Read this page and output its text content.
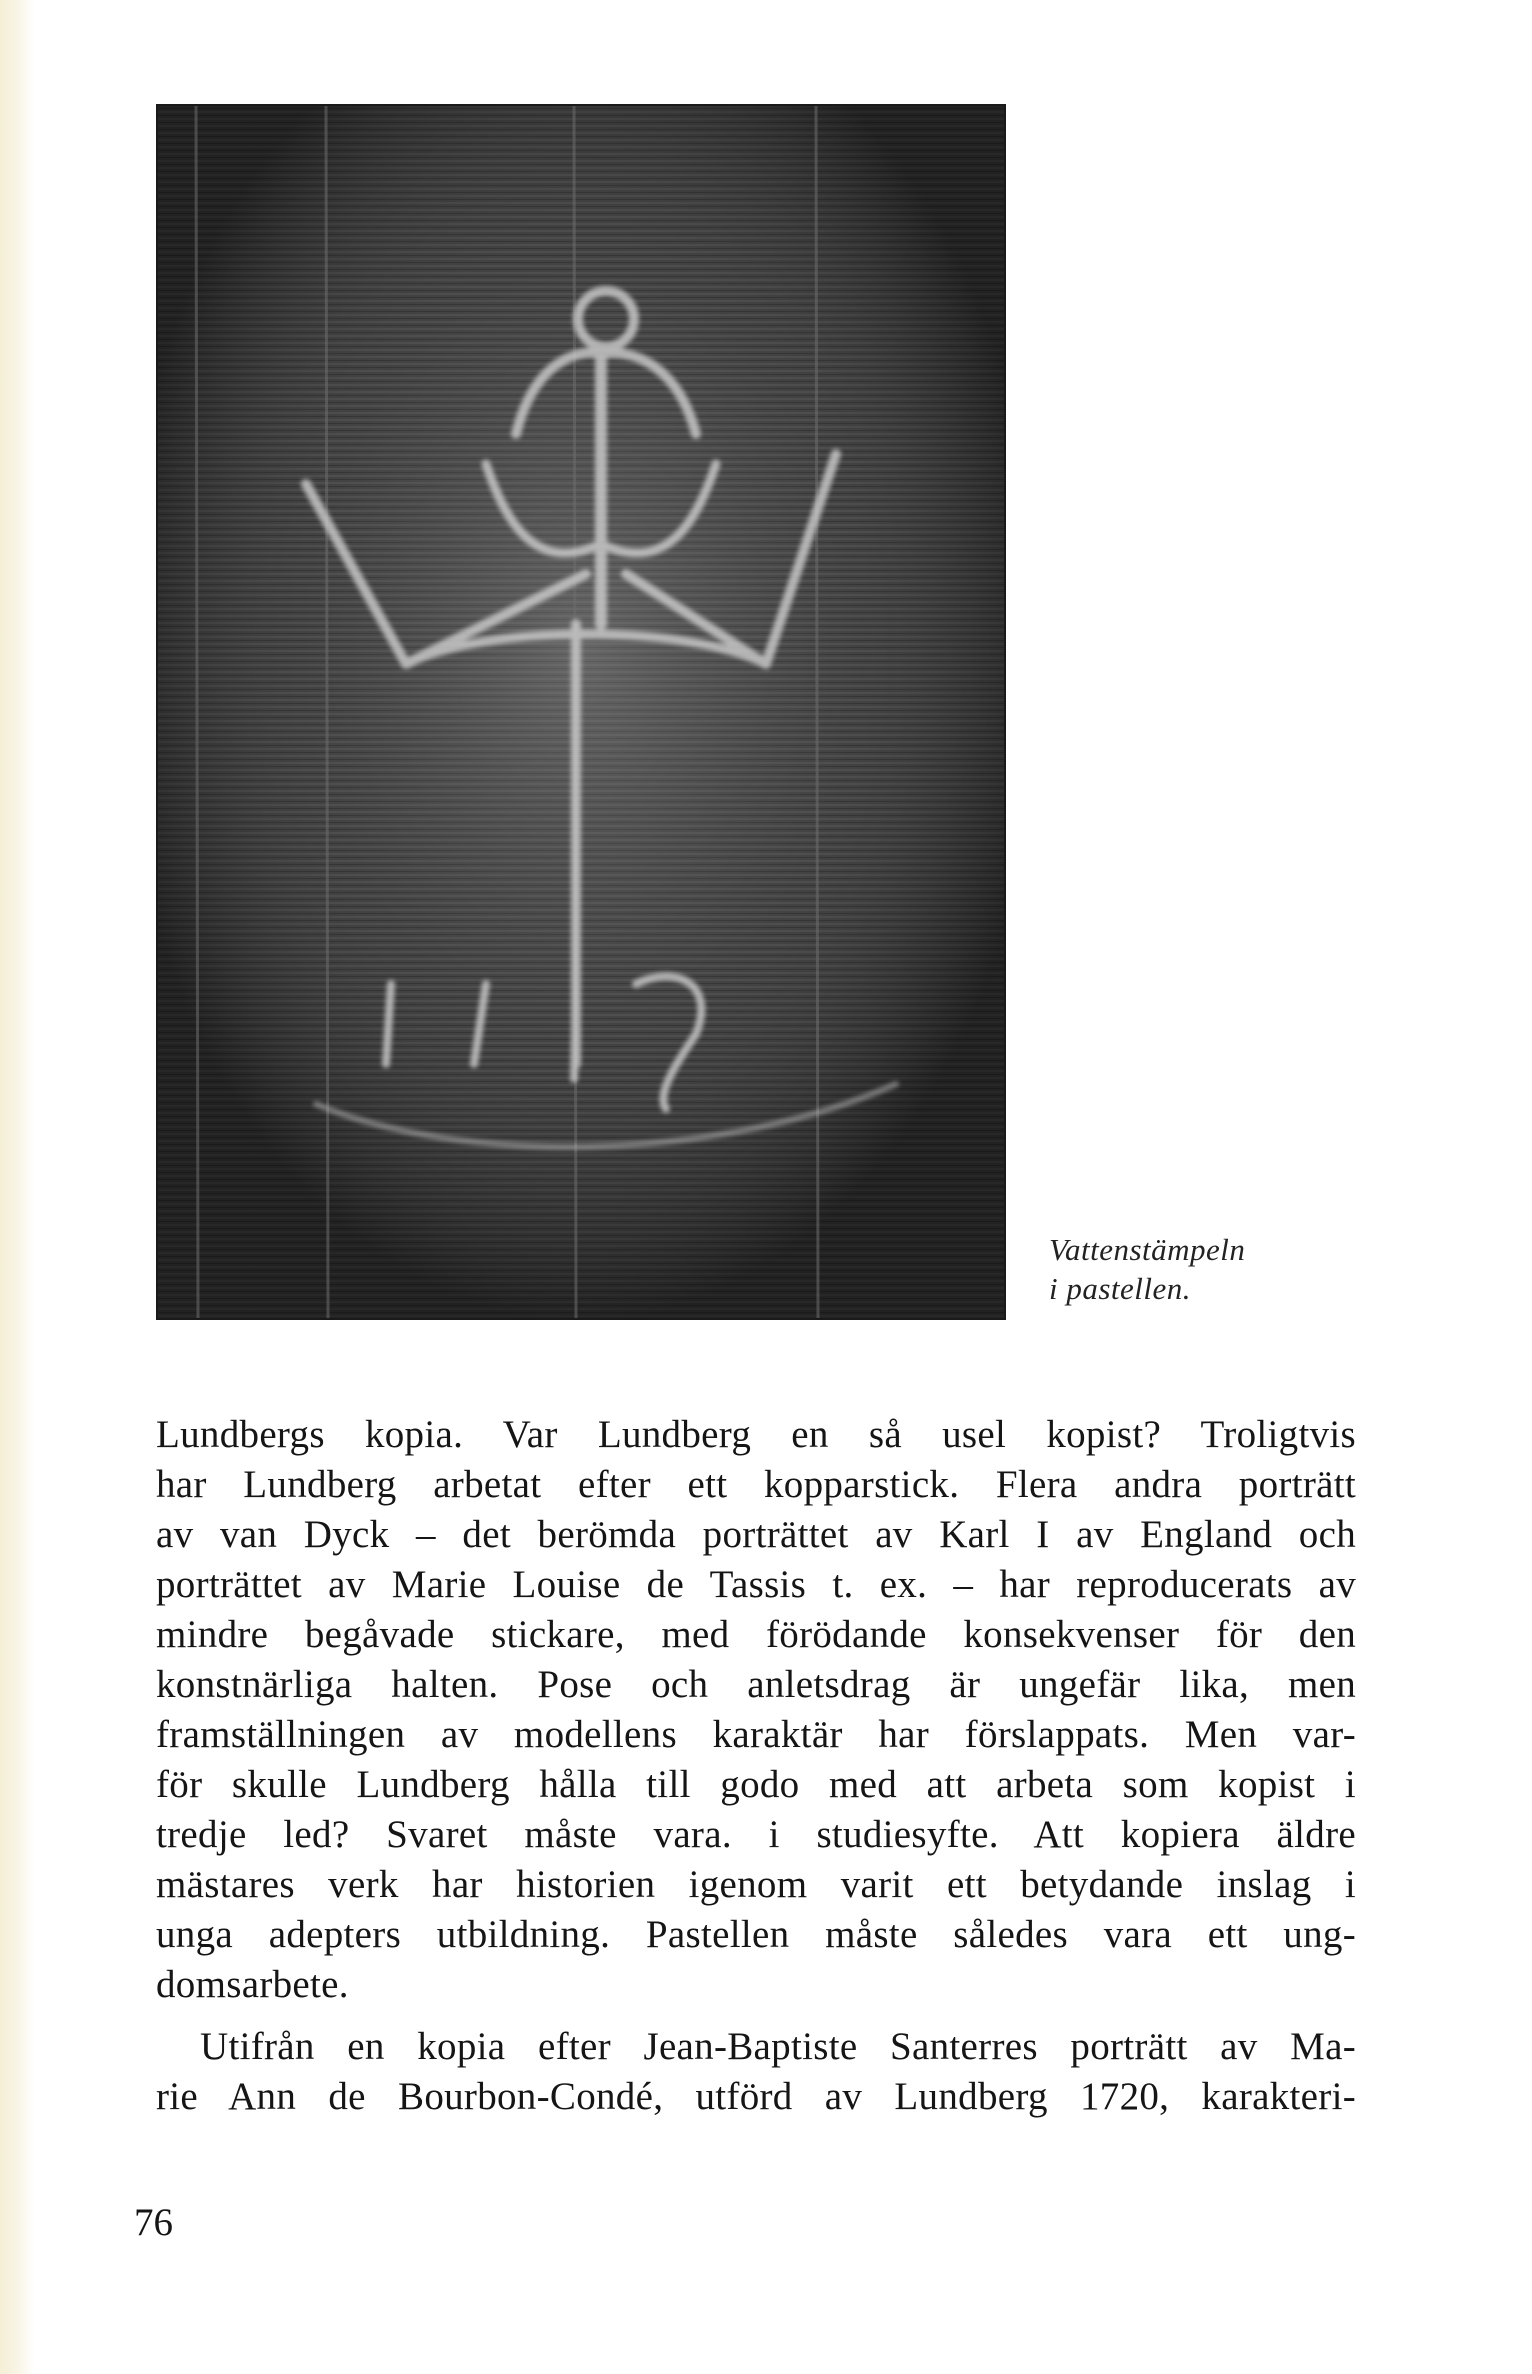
Vattenstämpeln
i pastellen.

Lundbergs kopia. Var Lundberg en så usel kopist? Troligtvis
har Lundberg arbetat efter ett kopparstick. Flera andra porträtt
av van Dyck – det berömda porträttet av Karl I av England och
porträttet av Marie Louise de Tassis t. ex. – har reproducerats av
mindre begåvade stickare, med förödande konsekvenser för den
konstnärliga halten. Pose och anletsdrag är ungefär lika, men
framställningen av modellens karaktär har förslappats. Men var-
för skulle Lundberg hålla till godo med att arbeta som kopist i
tredje led? Svaret måste vara. i studiesyfte. Att kopiera äldre
mästares verk har historien igenom varit ett betydande inslag i
unga adepters utbildning. Pastellen måste således vara ett ung-
domsarbete.
Utifrån en kopia efter Jean-Baptiste Santerres porträtt av Ma-
rie Ann de Bourbon-Condé, utförd av Lundberg 1720, karakteri-

76
